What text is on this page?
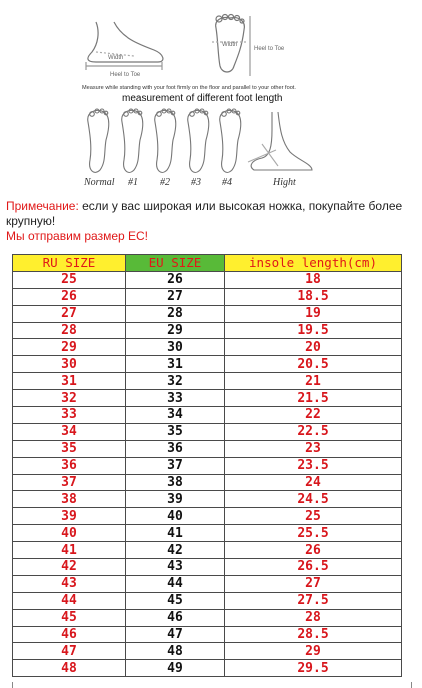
Width
Heel to Toe
Width
Heel to Toe
Measure while standing with your foot firmly on the floor and parallel to your other foot.
measurement of different foot length
Normal #1 #2 #3 #4	Hight
Примечание: если у вас широкая или высокая ножка, покупайте более крупную!
Мы отправим размер ЕС!
RU SIZE	EU SIZE	insole length(cm)
25	26	18
26	27	18.5
27	28	19
28	29	19.5
29	30	20
30	31	20.5
31	32	21
32	33	21.5
33	34	22
34	35	22.5
35	36	23
36	37	23.5
37	38	24
38	39	24.5
39	40	25
40	41	25.5
41	42	26
42	43	26.5
43	44	27
44	45	27.5
45	46	28
46	47	28.5
47	48	29
48	49	29.5
